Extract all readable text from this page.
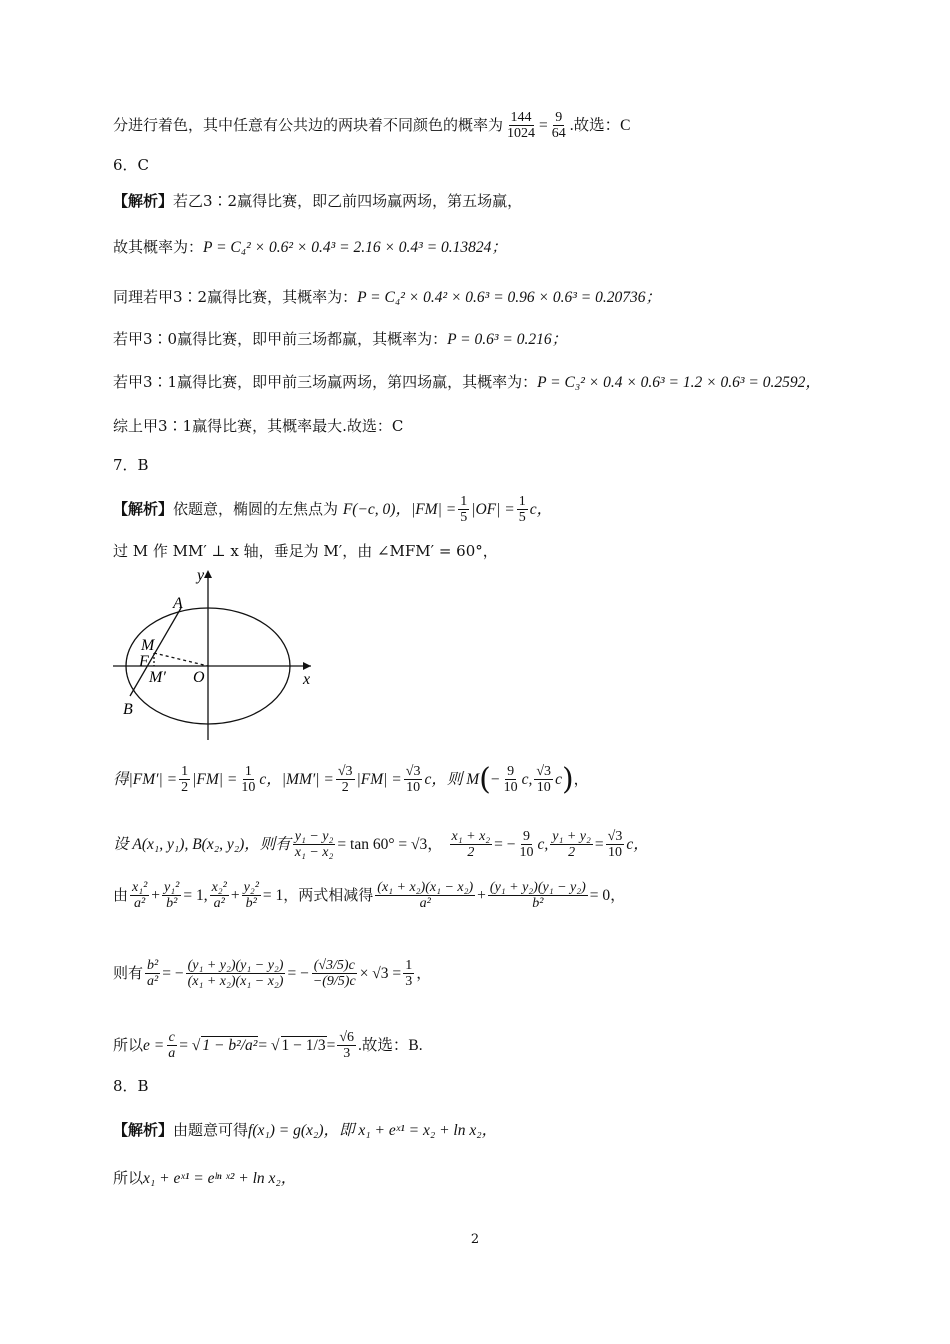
分进行着色，其中任意有公共边的两块着不同颜色的概率为 $\frac{144}{1024} = \frac{9}{64}$ .故选：C
6．C
【解析】若乙3∶2赢得比赛，即乙前四场赢两场，第五场赢，
故其概率为：P = C₄² × 0.6² × 0.4³ = 2.16 × 0.4³ = 0.13824；
同理若甲3∶2赢得比赛，其概率为：P = C₄² × 0.4² × 0.6³ = 0.96 × 0.6³ = 0.20736；
若甲3∶0赢得比赛，即甲前三场都赢，其概率为：P = 0.6³ = 0.216；
若甲3∶1赢得比赛，即甲前三场赢两场，第四场赢，其概率为：P = C₃² × 0.4 × 0.6³ = 1.2 × 0.6³ = 0.2592，
综上甲3∶1赢得比赛，其概率最大.故选：C
7．B
【解析】依题意，椭圆的左焦点为 F(−c, 0)，$|FM| = \frac{1}{5} |OF| = \frac{1}{5}$ c，
过 M 作 MM′ ⊥ x 轴，垂足为 M′，由 ∠MFM′ = 60°，
y
x
A
M
F
M′ O
B
得$|FM'| = \frac{1}{2} |FM| = \frac{1}{10}$ c，$|MM'| = \frac{√3}{2} |FM| = \frac{√3}{10}$ c，则 $M(- \frac{9}{10} c$, $\frac{√3}{10} c$)，
设 A(x₁, y₁), B(x₂, y₂)，则有 $\frac{\text{y₁ − y₂}}{\text{x₁ − x₂}} = \tan 60^\circ = √3$， $\frac{\text{x₁ + x₂}}{2}$ = − $\frac{9}{10} c$, $\frac{\text{y₁ + y₂}}{2} = \frac{√3}{10}$ c，
由 $\frac{\text{x₁²}}{\text{a²}} + \frac{\text{y₁²}}{\text{b²}} = 1$, $\frac{\text{x₂²}}{\text{a²}} + \frac{\text{y₂²}}{\text{b²}} = 1$，两式相减得 $\frac{\text{(x₁ + x₂)(x₁ − x₂)}}{\text{a²}} + \frac{\text{(y₁ + y₂)(y₁ − y₂)}}{\text{b²}} = 0$，
则有 $\frac{\text{b²}}{\text{a²}}$ = − $\frac{\text{(y₁ + y₂)(y₁ − y₂)}}{\text{(x₁ + x₂)(x₁ − x₂)}}$ = − $\frac{(√3/5)c}{-(9/5)c} \times √3 = \frac{1}{3}$ ，
所以$e = \frac{c}{a}$ = √ 1 − b²/a²= √ $1 - 1/3= \frac{√6}{3}$ .故选：B.
8．B
【解析】由题意可得f(x₁) = g(x₂)，即 x₁ + eˣ¹ = x₂ + ln x₂，
所以x₁ + eˣ¹ = eˡⁿ ˣ² + ln x₂，
2
